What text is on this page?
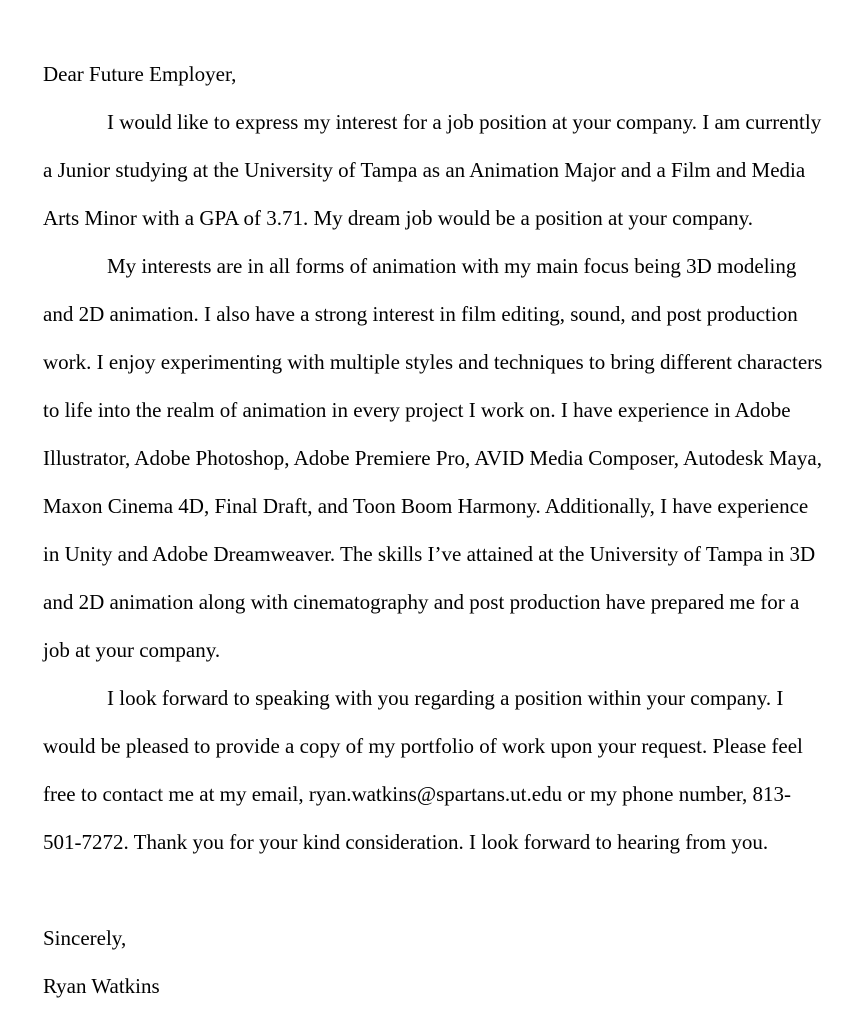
Dear Future Employer,

I would like to express my interest for a job position at your company. I am currently a Junior studying at the University of Tampa as an Animation Major and a Film and Media Arts Minor with a GPA of 3.71. My dream job would be a position at your company.

My interests are in all forms of animation with my main focus being 3D modeling and 2D animation. I also have a strong interest in film editing, sound, and post production work. I enjoy experimenting with multiple styles and techniques to bring different characters to life into the realm of animation in every project I work on. I have experience in Adobe Illustrator, Adobe Photoshop, Adobe Premiere Pro, AVID Media Composer, Autodesk Maya, Maxon Cinema 4D, Final Draft, and Toon Boom Harmony. Additionally, I have experience in Unity and Adobe Dreamweaver. The skills I’ve attained at the University of Tampa in 3D and 2D animation along with cinematography and post production have prepared me for a job at your company.

I look forward to speaking with you regarding a position within your company. I would be pleased to provide a copy of my portfolio of work upon your request. Please feel free to contact me at my email, ryan.watkins@spartans.ut.edu or my phone number, 813-501-7272. Thank you for your kind consideration. I look forward to hearing from you.

Sincerely,

Ryan Watkins
